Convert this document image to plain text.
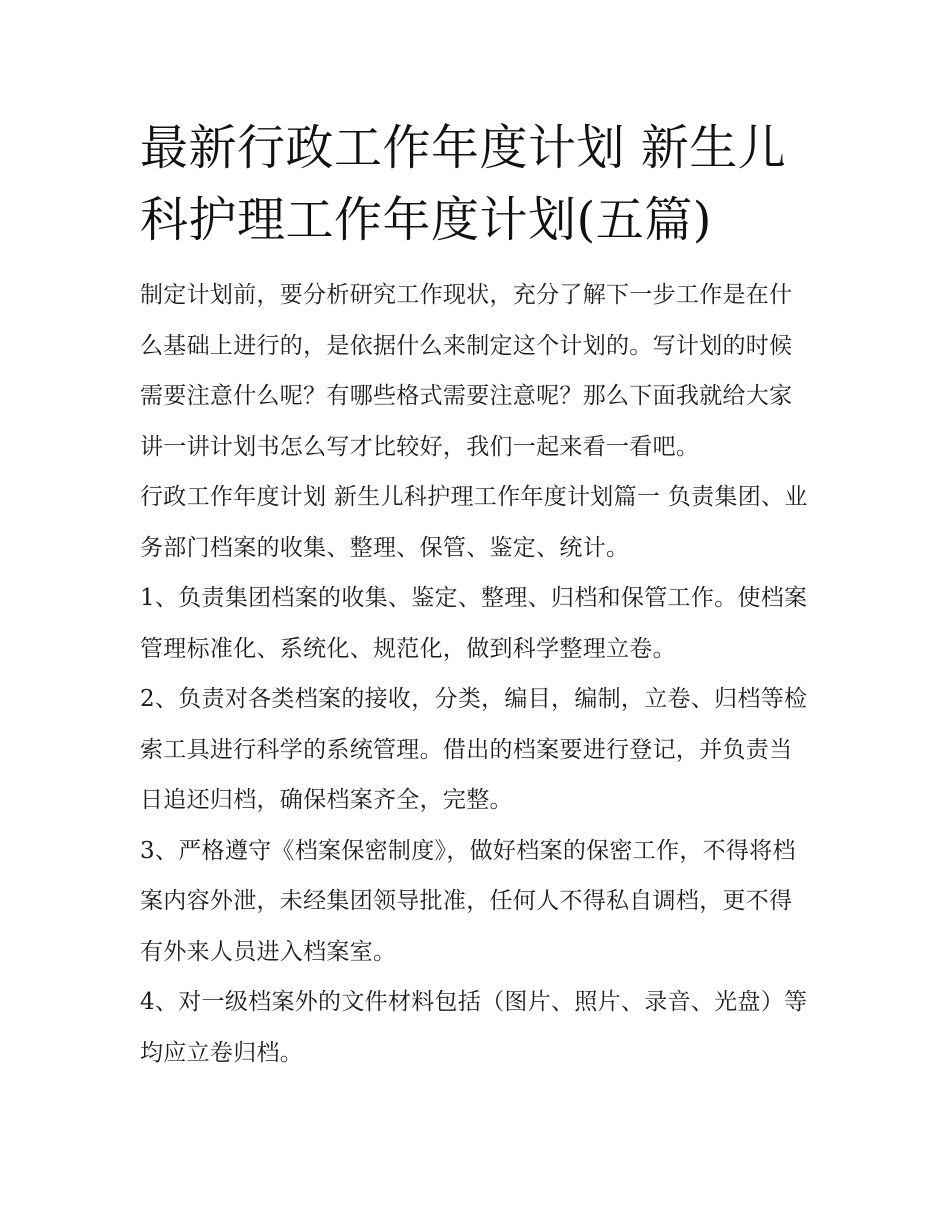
最新行政工作年度计划 新生儿科护理工作年度计划(五篇)

制定计划前，要分析研究工作现状，充分了解下一步工作是在什么基础上进行的，是依据什么来制定这个计划的。写计划的时候需要注意什么呢？有哪些格式需要注意呢？那么下面我就给大家讲一讲计划书怎么写才比较好，我们一起来看一看吧。

行政工作年度计划 新生儿科护理工作年度计划篇一 负责集团、业务部门档案的收集、整理、保管、鉴定、统计。

1、负责集团档案的收集、鉴定、整理、归档和保管工作。使档案管理标准化、系统化、规范化，做到科学整理立卷。

2、负责对各类档案的接收，分类，编目，编制，立卷、归档等检索工具进行科学的系统管理。借出的档案要进行登记，并负责当日追还归档，确保档案齐全，完整。

3、严格遵守《档案保密制度》，做好档案的保密工作，不得将档案内容外泄，未经集团领导批准，任何人不得私自调档，更不得有外来人员进入档案室。

4、对一级档案外的文件材料包括（图片、照片、录音、光盘）等均应立卷归档。
